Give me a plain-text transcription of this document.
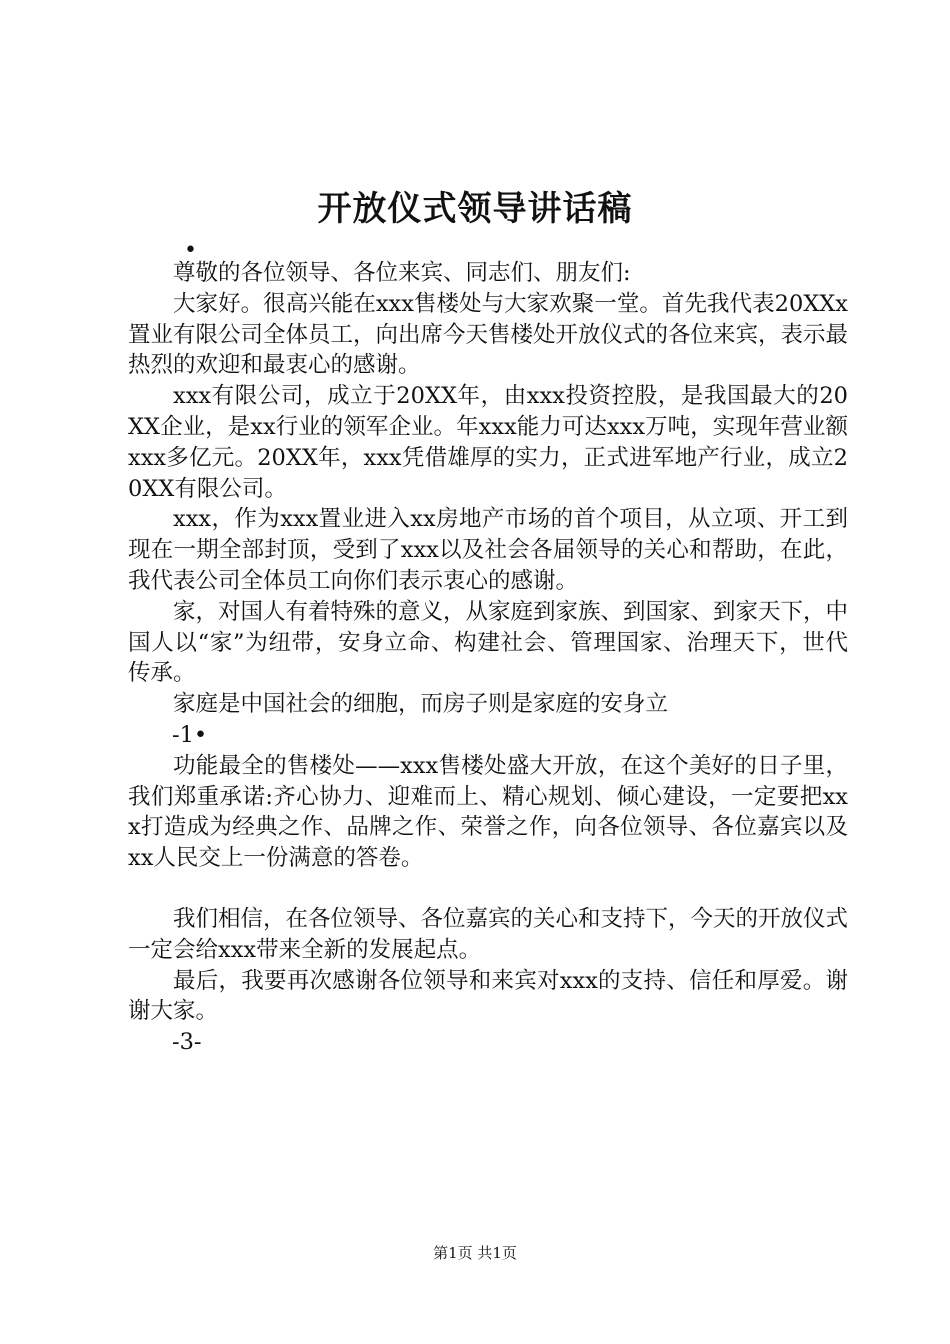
开放仪式领导讲话稿
•

尊敬的各位领导、各位来宾、同志们、朋友们:

大家好。很高兴能在xxx售楼处与大家欢聚一堂。首先我代表20XXx置业有限公司全体员工，向出席今天售楼处开放仪式的各位来宾，表示最热烈的欢迎和最衷心的感谢。

xxx有限公司，成立于20XX年，由xxx投资控股，是我国最大的20XX企业，是xx行业的领军企业。年xxx能力可达xxx万吨，实现年营业额xxx多亿元。20XX年，xxx凭借雄厚的实力，正式进军地产行业，成立20XX有限公司。

xxx，作为xxx置业进入xx房地产市场的首个项目，从立项、开工到现在一期全部封顶，受到了xxx以及社会各届领导的关心和帮助，在此，我代表公司全体员工向你们表示衷心的感谢。

家，对国人有着特殊的意义，从家庭到家族、到国家、到家天下，中国人以“家”为纽带，安身立命、构建社会、管理国家、治理天下，世代传承。

家庭是中国社会的细胞，而房子则是家庭的安身立

-1•

功能最全的售楼处——xxx售楼处盛大开放，在这个美好的日子里，我们郑重承诺:齐心协力、迎难而上、精心规划、倾心建设，一定要把xxx打造成为经典之作、品牌之作、荣誉之作，向各位领导、各位嘉宾以及xx人民交上一份满意的答卷。

我们相信，在各位领导、各位嘉宾的关心和支持下，今天的开放仪式一定会给xxx带来全新的发展起点。

最后，我要再次感谢各位领导和来宾对xxx的支持、信任和厚爱。谢谢大家。

-3-

第1页 共1页
